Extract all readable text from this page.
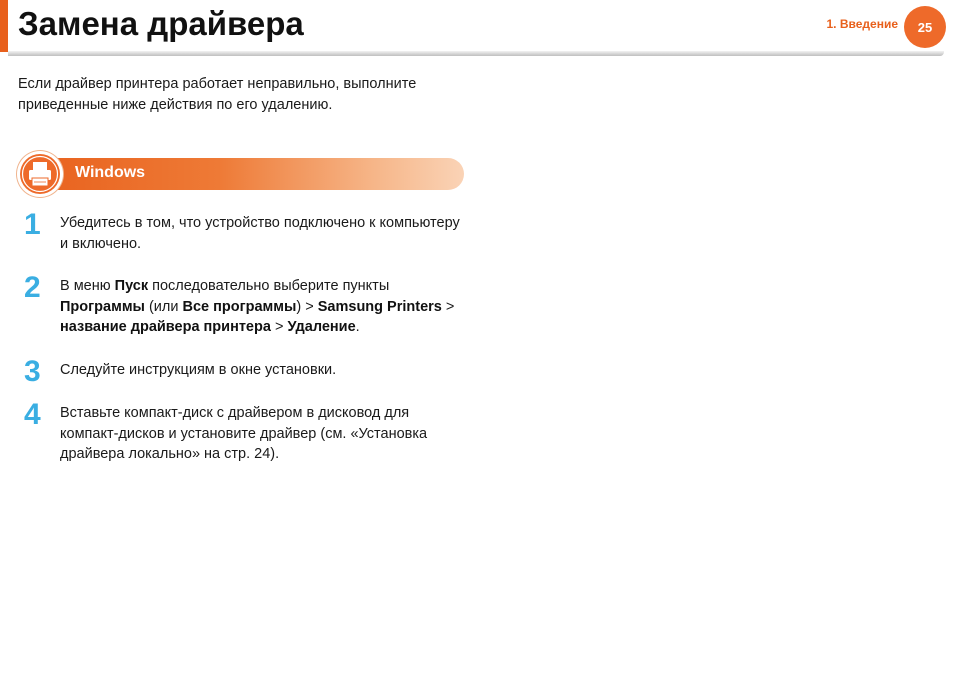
Замена драйвера	1. Введение	25

Если драйвер принтера работает неправильно, выполните приведенные ниже действия по его удалению.

Windows
1 Убедитесь в том, что устройство подключено к компьютеру и включено.

2 В меню Пуск последовательно выберите пункты Программы (или Все программы) > Samsung Printers > название драйвера принтера > Удаление.

3 Следуйте инструкциям в окне установки.

4 Вставьте компакт-диск с драйвером в дисковод для компакт-дисков и установите драйвер (см. «Установка драйвера локально» на стр. 24).
